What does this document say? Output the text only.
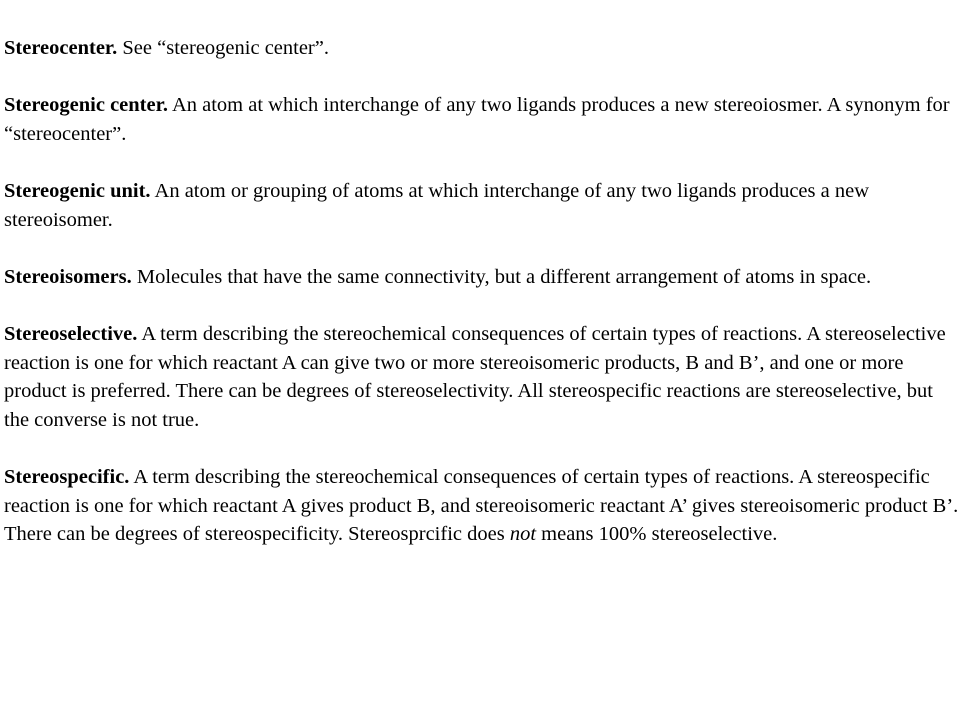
Stereocenter. See “stereogenic center”.

Stereogenic center. An atom at which interchange of any two ligands produces a new stereoiosmer. A synonym for “stereocenter”.

Stereogenic unit. An atom or grouping of atoms at which interchange of any two ligands produces a new stereoisomer.

Stereoisomers. Molecules that have the same connectivity, but a different arrangement of atoms in space.

Stereoselective. A term describing the stereochemical consequences of certain types of reactions. A stereoselective reaction is one for which reactant A can give two or more stereoisomeric products, B and B’, and one or more product is preferred. There can be degrees of stereoselectivity. All stereospecific reactions are stereoselective, but the converse is not true.

Stereospecific. A term describing the stereochemical consequences of certain types of reactions. A stereospecific reaction is one for which reactant A gives product B, and stereoisomeric reactant A’ gives stereoisomeric product B’. There can be degrees of stereospecificity. Stereosprcific does not means 100% stereoselective.
